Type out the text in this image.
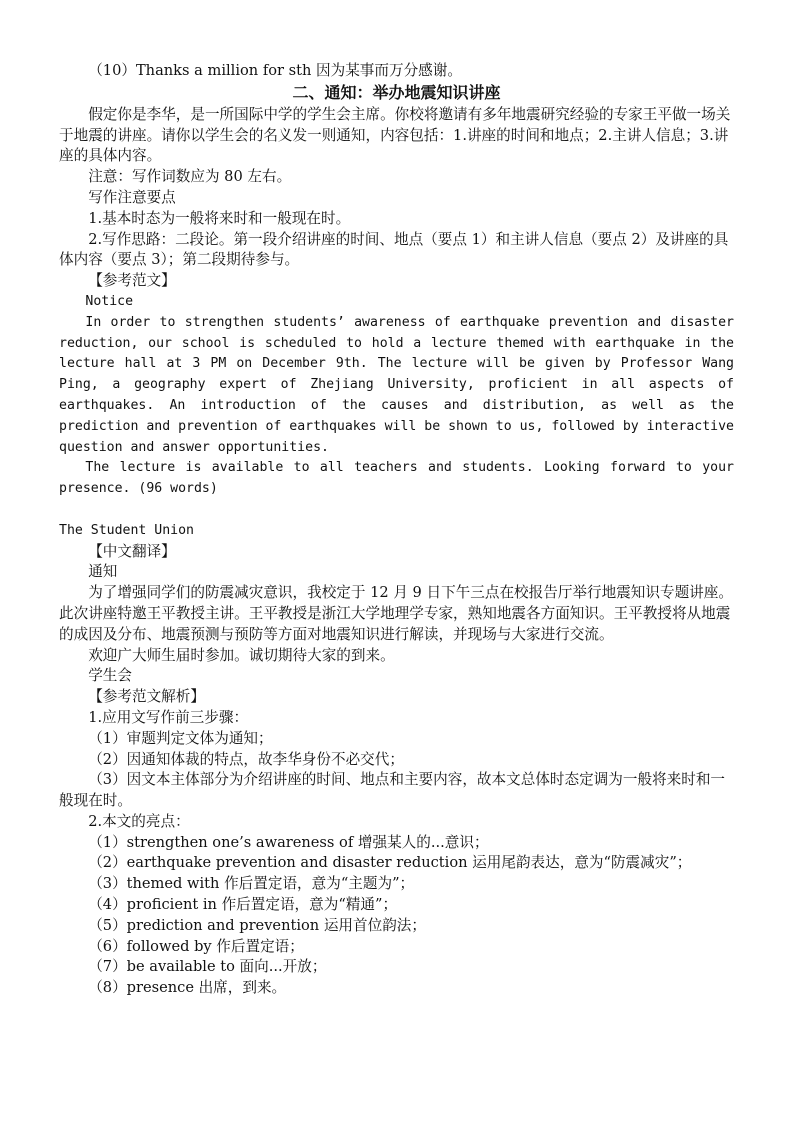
（10）Thanks a million for sth 因为某事而万分感谢。

二、通知：举办地震知识讲座

假定你是李华，是一所国际中学的学生会主席。你校将邀请有多年地震研究经验的专家王平做一场关于地震的讲座。请你以学生会的名义发一则通知，内容包括：1.讲座的时间和地点；2.主讲人信息；3.讲座的具体内容。

注意：写作词数应为 80 左右。

写作注意要点

1.基本时态为一般将来时和一般现在时。

2.写作思路：二段论。第一段介绍讲座的时间、地点（要点 1）和主讲人信息（要点 2）及讲座的具体内容（要点 3）；第二段期待参与。

【参考范文】

Notice

In order to strengthen students’ awareness of earthquake prevention and disaster reduction, our school is scheduled to hold a lecture themed with earthquake in the lecture hall at 3 PM on December 9th. The lecture will be given by Professor Wang Ping, a geography expert of Zhejiang University, proficient in all aspects of earthquakes. An introduction of the causes and distribution, as well as the prediction and prevention of earthquakes will be shown to us, followed by interactive question and answer opportunities.

The lecture is available to all teachers and students. Looking forward to your presence. (96 words)

The Student Union

【中文翻译】

通知

为了增强同学们的防震减灾意识，我校定于 12 月 9 日下午三点在校报告厅举行地震知识专题讲座。此次讲座特邀王平教授主讲。王平教授是浙江大学地理学专家，熟知地震各方面知识。王平教授将从地震的成因及分布、地震预测与预防等方面对地震知识进行解读，并现场与大家进行交流。

欢迎广大师生届时参加。诚切期待大家的到来。

学生会

【参考范文解析】

1.应用文写作前三步骤：

（1）审题判定文体为通知；

（2）因通知体裁的特点，故李华身份不必交代；

（3）因文本主体部分为介绍讲座的时间、地点和主要内容，故本文总体时态定调为一般将来时和一般现在时。

2.本文的亮点：

（1）strengthen one’s awareness of 增强某人的...意识；

（2）earthquake prevention and disaster reduction 运用尾韵表达，意为“防震减灾”；

（3）themed with 作后置定语，意为“主题为”；

（4）proficient in 作后置定语，意为“精通”；

（5）prediction and prevention 运用首位韵法；

（6）followed by 作后置定语；

（7）be available to 面向...开放；

（8）presence 出席，到来。
